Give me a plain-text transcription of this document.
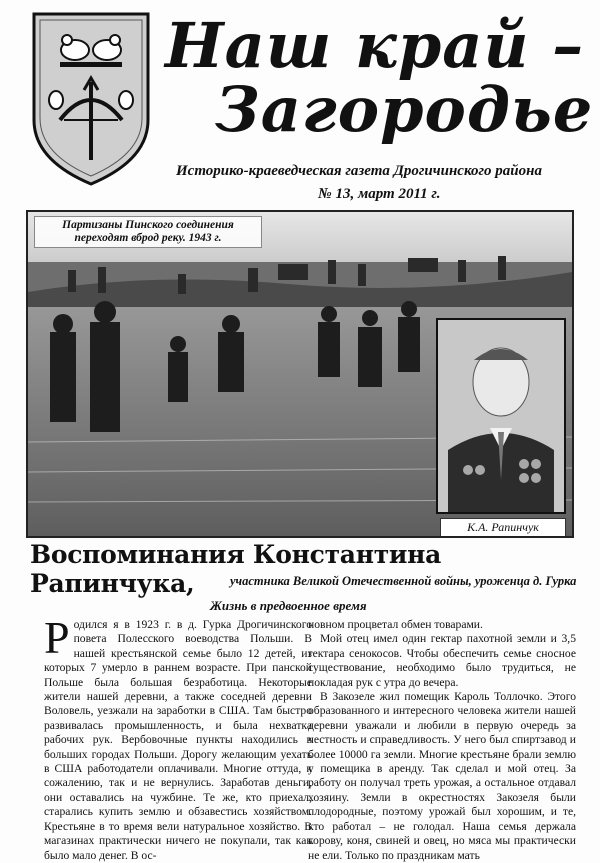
Наш край –
Загородье
Историко-краеведческая газета Дрогичинского района
№ 13, март 2011 г.
Партизаны Пинского соединения переходят вброд реку. 1943 г.
К.А. Рапинчук
Воспоминания Константина Рапинчука,	участника Великой Отечественной войны, уроженца д. Гурка
Жизнь в предвоенное время

Родился я в 1923 г. в д. Гурка Дрогичинского повета Полесского воеводства Польши. В нашей крестьянской семье было 12 детей, из которых 7 умерло в раннем возрасте. При панской Польше была большая безработица. Некоторые жители нашей деревни, а также соседней деревни Воловель, уезжали на заработки в США. Там быстро развивалась промышленность, и была нехватка рабочих рук. Вербовочные пункты находились в больших городах Польши. Дорогу желающим уехать в США работодатели оплачивали. Многие оттуда, к сожалению, так и не вернулись. Заработав деньги, они оставались на чужбине. Те же, кто приехал, старались купить землю и обзавестись хозяйством. Крестьяне в то время вели натуральное хозяйство. В магазинах практически ничего не покупали, так как было мало денег. В ос-

новном процветал обмен товарами.

Мой отец имел один гектар пахотной земли и 3,5 гектара сенокосов. Чтобы обеспечить семье сносное существование, необходимо было трудиться, не покладая рук с утра до вечера.

В Закозеле жил помещик Кароль Толлочко. Этого образованного и интересного человека жители нашей деревни уважали и любили в первую очередь за честность и справедливость. У него был спиртзавод и более 10000 га земли. Многие крестьяне брали землю у помещика в аренду. Так сделал и мой отец. За работу он получал треть урожая, а остальное отдавал хозяину. Земли в окрестностях Закозеля были плодородные, поэтому урожай был хорошим, и те, кто работал – не голодал. Наша семья держала корову, коня, свиней и овец, но мяса мы практически не ели. Только по праздникам мать
